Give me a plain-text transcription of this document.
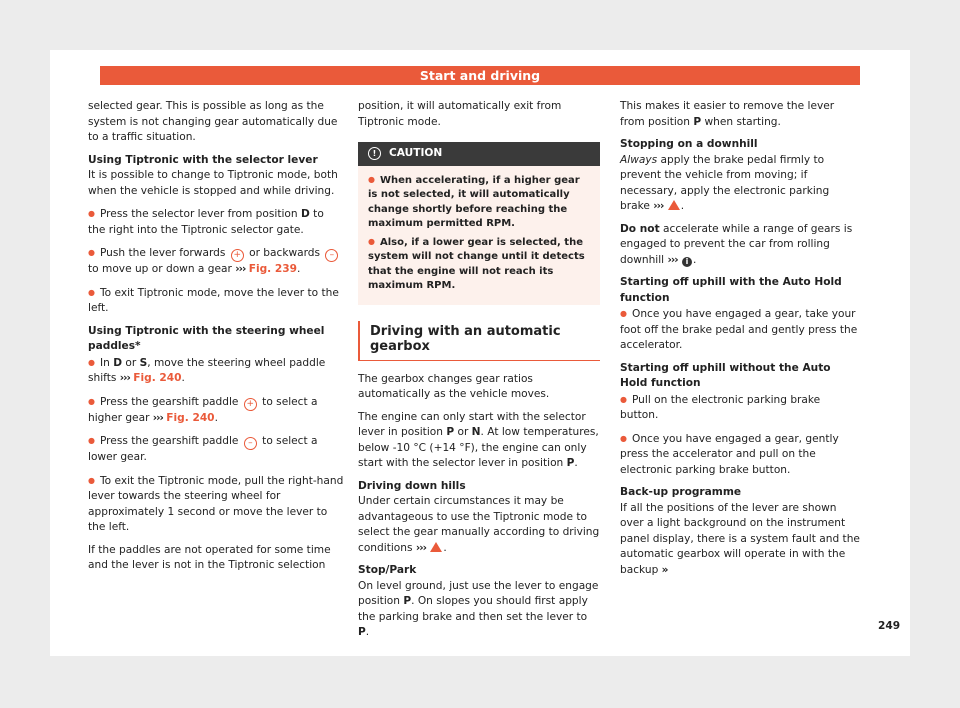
Start and driving

selected gear. This is possible as long as the system is not changing gear automatically due to a traffic situation.

Using Tiptronic with the selector lever

It is possible to change to Tiptronic mode, both when the vehicle is stopped and while driving.

● Press the selector lever from position D to the right into the Tiptronic selector gate.

● Push the lever forwards + or backwards – to move up or down a gear ››› Fig. 239.

● To exit Tiptronic mode, move the lever to the left.

Using Tiptronic with the steering wheel paddles*

● In D or S, move the steering wheel paddle shifts ››› Fig. 240.

● Press the gearshift paddle + to select a higher gear ››› Fig. 240.

● Press the gearshift paddle – to select a lower gear.

● To exit the Tiptronic mode, pull the right-hand lever towards the steering wheel for approximately 1 second or move the lever to the left.

If the paddles are not operated for some time and the lever is not in the Tiptronic selection

position, it will automatically exit from Tiptronic mode.

!	CAUTION
● When accelerating, if a higher gear is not selected, it will automatically change shortly before reaching the maximum permitted RPM.
● Also, if a lower gear is selected, the system will not change until it detects that the engine will not reach its maximum RPM.
Driving with an automatic gearbox

The gearbox changes gear ratios automatically as the vehicle moves.

The engine can only start with the selector lever in position P or N. At low temperatures, below -10 °C (+14 °F), the engine can only start with the selector lever in position P.

Driving down hills

Under certain circumstances it may be advantageous to use the Tiptronic mode to select the gear manually according to driving conditions ››› .

Stop/Park

On level ground, just use the lever to engage position P. On slopes you should first apply the parking brake and then set the lever to P.

This makes it easier to remove the lever from position P when starting.

Stopping on a downhill

Always apply the brake pedal firmly to prevent the vehicle from moving; if necessary, apply the electronic parking brake ››› .

Do not accelerate while a range of gears is engaged to prevent the car from rolling downhill ››› i .

Starting off uphill with the Auto Hold function

● Once you have engaged a gear, take your foot off the brake pedal and gently press the accelerator.

Starting off uphill without the Auto Hold function

● Pull on the electronic parking brake button.

● Once you have engaged a gear, gently press the accelerator and pull on the electronic parking brake button.

Back-up programme

If all the positions of the lever are shown over a light background on the instrument panel display, there is a system fault and the automatic gearbox will operate in with the backup »

249
